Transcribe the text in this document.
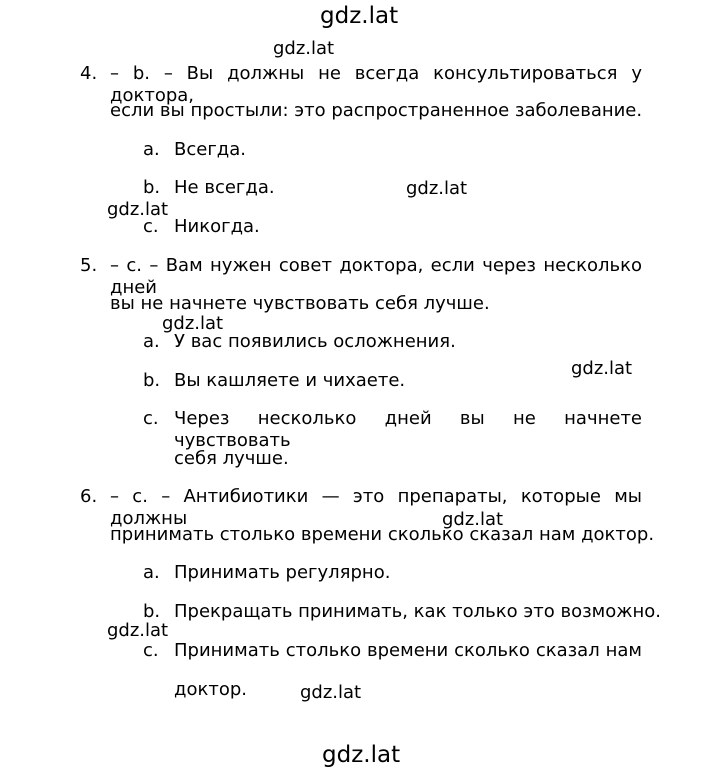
4. – b. – Вы должны не всегда консультироваться у доктора,
если вы простыли: это распространенное заболевание.
a. Всегда.
b. Не всегда.
c. Никогда.
5. – c. – Вам нужен совет доктора, если через несколько дней
вы не начнете чувствовать себя лучше.
a. У вас появились осложнения.
b. Вы кашляете и чихаете.
c. Через несколько дней вы не начнете чувствовать
себя лучше.
6. – c. – Антибиотики — это препараты, которые мы должны
принимать столько времени сколько сказал нам доктор.
a. Принимать регулярно.
b. Прекращать принимать, как только это возможно.
c. Принимать столько времени сколько сказал нам
доктор.
gdz.lat
gdz.lat
gdz.lat
gdz.lat
gdz.lat
gdz.lat
gdz.lat
gdz.lat
gdz.lat
gdz.lat
